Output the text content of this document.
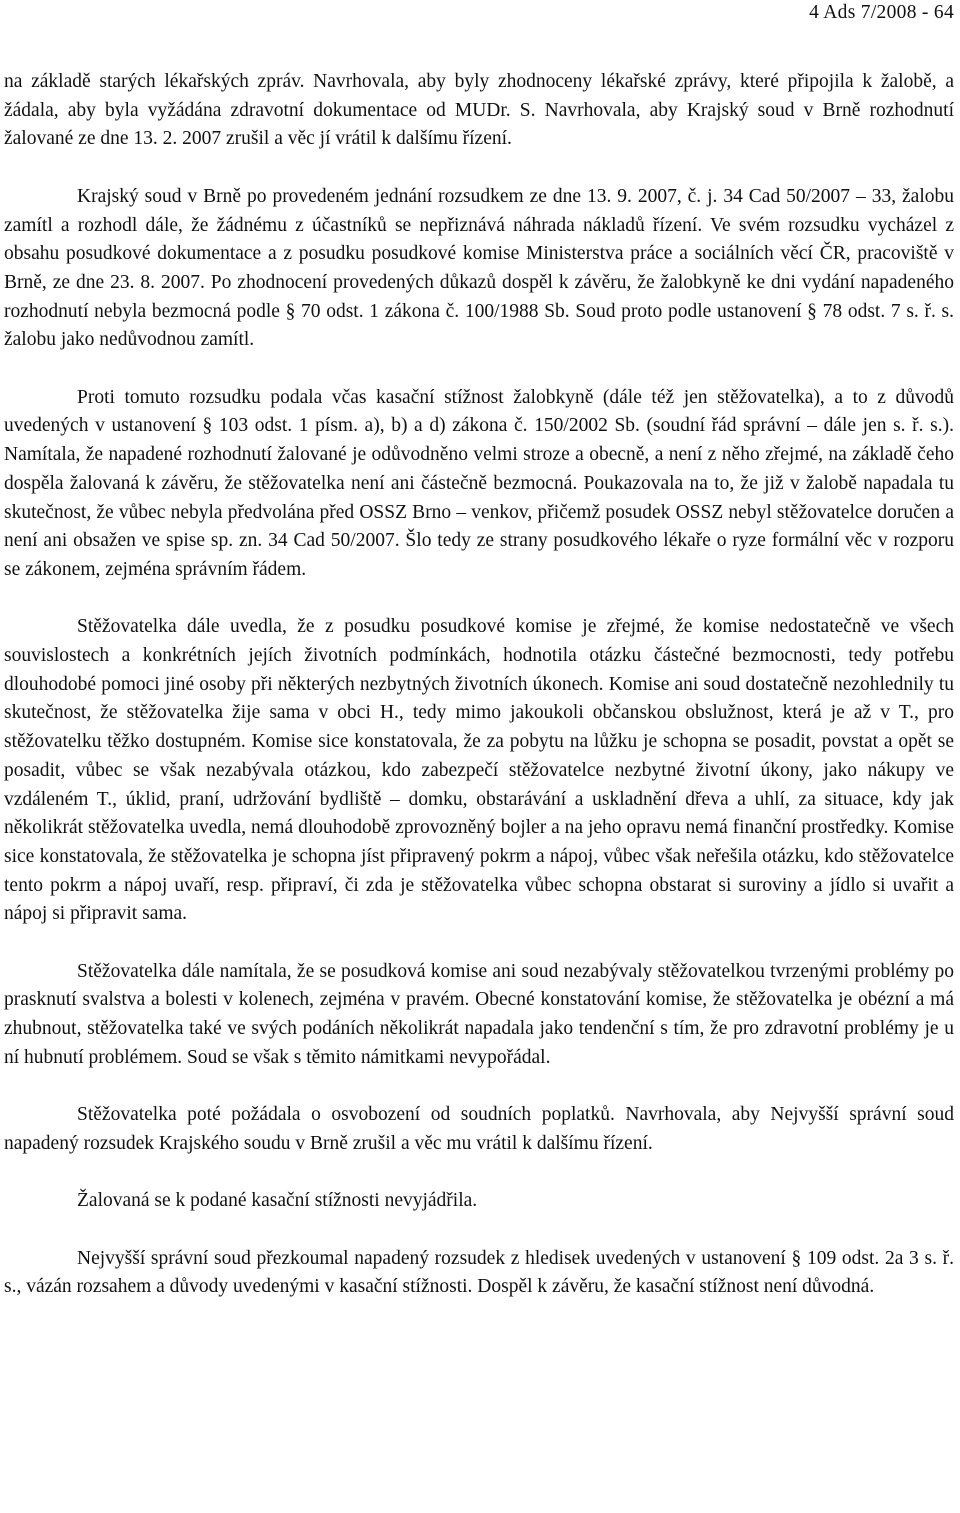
4 Ads 7/2008 - 64

na základě starých lékařských zpráv. Navrhovala, aby byly zhodnoceny lékařské zprávy, které připojila k žalobě, a žádala, aby byla vyžádána zdravotní dokumentace od MUDr. S. Navrhovala, aby Krajský soud v Brně rozhodnutí žalované ze dne 13. 2. 2007 zrušil a věc jí vrátil k dalšímu řízení.

Krajský soud v Brně po provedeném jednání rozsudkem ze dne 13. 9. 2007, č. j. 34 Cad 50/2007 – 33, žalobu zamítl a rozhodl dále, že žádnému z účastníků se nepřiznává náhrada nákladů řízení. Ve svém rozsudku vycházel z obsahu posudkové dokumentace a z posudku posudkové komise Ministerstva práce a sociálních věcí ČR, pracoviště v Brně, ze dne 23. 8. 2007. Po zhodnocení provedených důkazů dospěl k závěru, že žalobkyně ke dni vydání napadeného rozhodnutí nebyla bezmocná podle § 70 odst. 1 zákona č. 100/1988 Sb. Soud proto podle ustanovení § 78 odst. 7 s. ř. s. žalobu jako nedůvodnou zamítl.

Proti tomuto rozsudku podala včas kasační stížnost žalobkyně (dále též jen stěžovatelka), a to z důvodů uvedených v ustanovení § 103 odst. 1 písm. a), b) a d) zákona č. 150/2002 Sb. (soudní řád správní – dále jen s. ř. s.). Namítala, že napadené rozhodnutí žalované je odůvodněno velmi stroze a obecně, a není z něho zřejmé, na základě čeho dospěla žalovaná k závěru, že stěžovatelka není ani částečně bezmocná. Poukazovala na to, že již v žalobě napadala tu skutečnost, že vůbec nebyla předvolána před OSSZ Brno – venkov, přičemž posudek OSSZ nebyl stěžovatelce doručen a není ani obsažen ve spise sp. zn. 34 Cad 50/2007. Šlo tedy ze strany posudkového lékaře o ryze formální věc v rozporu se zákonem, zejména správním řádem.

Stěžovatelka dále uvedla, že z posudku posudkové komise je zřejmé, že komise nedostatečně ve všech souvislostech a konkrétních jejích životních podmínkách, hodnotila otázku částečné bezmocnosti, tedy potřebu dlouhodobé pomoci jiné osoby při některých nezbytných životních úkonech. Komise ani soud dostatečně nezohlednily tu skutečnost, že stěžovatelka žije sama v obci H., tedy mimo jakoukoli občanskou obslužnost, která je až v T., pro stěžovatelku těžko dostupném. Komise sice konstatovala, že za pobytu na lůžku je schopna se posadit, povstat a opět se posadit, vůbec se však nezabývala otázkou, kdo zabezpečí stěžovatelce nezbytné životní úkony, jako nákupy ve vzdáleném T., úklid, praní, udržování bydliště – domku, obstarávání a uskladnění dřeva a uhlí, za situace, kdy jak několikrát stěžovatelka uvedla, nemá dlouhodobě zprovozněný bojler a na jeho opravu nemá finanční prostředky. Komise sice konstatovala, že stěžovatelka je schopna jíst připravený pokrm a nápoj, vůbec však neřešila otázku, kdo stěžovatelce tento pokrm a nápoj uvaří, resp. připraví, či zda je stěžovatelka vůbec schopna obstarat si suroviny a jídlo si uvařit a nápoj si připravit sama.

Stěžovatelka dále namítala, že se posudková komise ani soud nezabývaly stěžovatelkou tvrzenými problémy po prasknutí svalstva a bolesti v kolenech, zejména v pravém. Obecné konstatování komise, že stěžovatelka je obézní a má zhubnout, stěžovatelka také ve svých podáních několikrát napadala jako tendenční s tím, že pro zdravotní problémy je u ní hubnutí problémem. Soud se však s těmito námitkami nevypořádal.

Stěžovatelka poté požádala o osvobození od soudních poplatků. Navrhovala, aby Nejvyšší správní soud napadený rozsudek Krajského soudu v Brně zrušil a věc mu vrátil k dalšímu řízení.

Žalovaná se k podané kasační stížnosti nevyjádřila.

Nejvyšší správní soud přezkoumal napadený rozsudek z hledisek uvedených v ustanovení § 109 odst. 2a 3 s. ř. s., vázán rozsahem a důvody uvedenými v kasační stížnosti. Dospěl k závěru, že kasační stížnost není důvodná.
